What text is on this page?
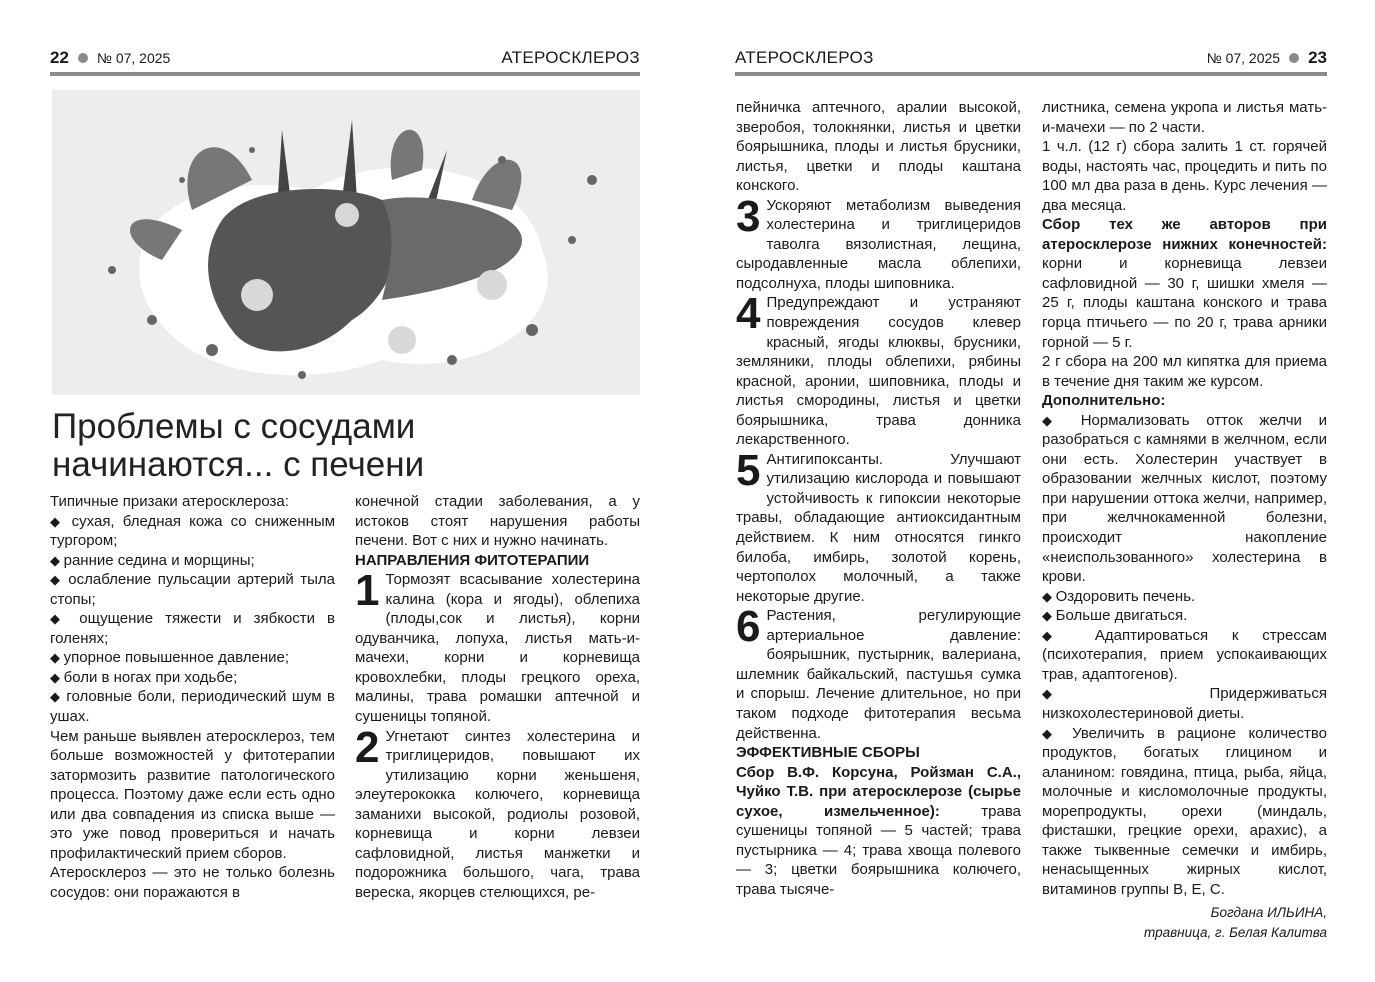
22 № 07, 2025	АТЕРОСКЛЕРОЗ	АТЕРОСКЛЕРОЗ	№ 07, 2025 23
Проблемы с сосудами
начинаются... с печени

Типичные призаки атеросклероза:

◆ сухая, бледная кожа со сниженным тургором;

◆ ранние седина и морщины;

◆ ослабление пульсации артерий тыла стопы;

◆ ощущение тяжести и зябкости в голенях;

◆ упорное повышенное давление;

◆ боли в ногах при ходьбе;

◆ головные боли, периодический шум в ушах.

Чем раньше выявлен атеросклероз, тем больше возможностей у фитотерапии затормозить развитие патологического процесса. Поэтому даже если есть одно или два совпадения из списка выше — это уже повод провериться и начать профилактический прием сборов.

Атеросклероз — это не только болезнь сосудов: они поражаются в

конечной стадии заболевания, а у истоков стоят нарушения работы печени. Вот с них и нужно начинать.

НАПРАВЛЕНИЯ ФИТОТЕРАПИИ

1 Тормозят всасывание холестерина калина (кора и ягоды), облепиха (плоды,сок и листья), корни одуванчика, лопуха, листья мать-и-мачехи, корни и корневища кровохлебки, плоды грецкого ореха, малины, трава ромашки аптечной и сушеницы топяной.

2 Угнетают синтез холестерина и триглицеридов, повышают их утилизацию корни женьшеня, элеутерококка колючего, корневища заманихи высокой, родиолы розовой, корневища и корни левзеи сафловидной, листья манжетки и подорожника большого, чага, трава вереска, якорцев стелющихся, ре-

пейничка аптечного, аралии высокой, зверобоя, толокнянки, листья и цветки боярышника, плоды и листья брусники, листья, цветки и плоды каштана конского.

3 Ускоряют метаболизм выведения холестерина и триглицеридов таволга вязолистная, лещина, сыродавленные масла облепихи, подсолнуха, плоды шиповника.

4 Предупреждают и устраняют повреждения сосудов клевер красный, ягоды клюквы, брусники, земляники, плоды облепихи, рябины красной, аронии, шиповника, плоды и листья смородины, листья и цветки боярышника, трава донника лекарственного.

5 Антигипоксанты. Улучшают утилизацию кислорода и повышают устойчивость к гипоксии некоторые травы, обладающие антиоксидантным действием. К ним относятся гинкго билоба, имбирь, золотой корень, чертополох молочный, а также некоторые другие.

6 Растения, регулирующие артериальное давление: боярышник, пустырник, валериана, шлемник байкальский, пастушья сумка и спорыш. Лечение длительное, но при таком подходе фитотерапия весьма действенна.

ЭФФЕКТИВНЫЕ СБОРЫ

Сбор В.Ф. Корсуна, Ройзман С.А., Чуйко Т.В. при атеросклерозе (сырье сухое, измельченное): трава сушеницы топяной — 5 частей; трава пустырника — 4; трава хвоща полевого — 3; цветки боярышника колючего, трава тысяче-

листника, семена укропа и листья мать-и-мачехи — по 2 части.

1 ч.л. (12 г) сбора залить 1 ст. горячей воды, настоять час, процедить и пить по 100 мл два раза в день. Курс лечения — два месяца.

Сбор тех же авторов при атеросклерозе нижних конечностей: корни и корневища левзеи сафловидной — 30 г, шишки хмеля — 25 г, плоды каштана конского и трава горца птичьего — по 20 г, трава арники горной — 5 г.

2 г сбора на 200 мл кипятка для приема в течение дня таким же курсом.

Дополнительно:

◆ Нормализовать отток желчи и разобраться с камнями в желчном, если они есть. Холестерин участвует в образовании желчных кислот, поэтому при нарушении оттока желчи, например, при желчнокаменной болезни, происходит накопление «неиспользованного» холестерина в крови.

◆ Оздоровить печень.

◆ Больше двигаться.

◆ Адаптироваться к стрессам (психотерапия, прием успокаивающих трав, адаптогенов).

◆ Придерживаться низкохолестериновой диеты.

◆ Увеличить в рационе количество продуктов, богатых глицином и аланином: говядина, птица, рыба, яйца, молочные и кисломолочные продукты, морепродукты, орехи (миндаль, фисташки, грецкие орехи, арахис), а также тыквенные семечки и имбирь, ненасыщенных жирных кислот, витаминов группы В, Е, С.

Богдана ИЛЬИНА,

травница, г. Белая Калитва
